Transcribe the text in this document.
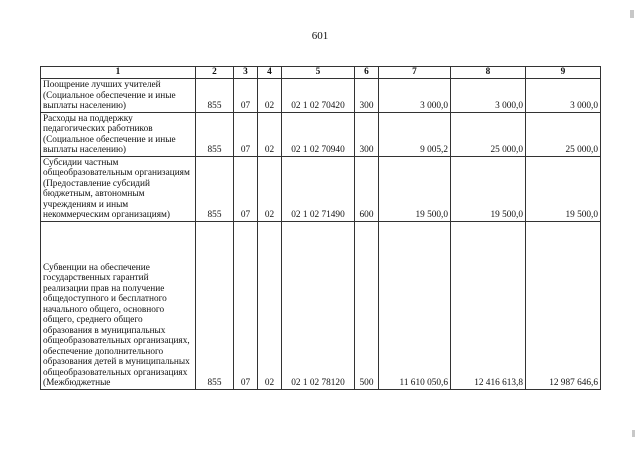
601
1	2	3	4	5	6	7	8	9
Поощрение лучших учителей (Социальное обеспечение и иные выплаты населению)	855	07	02	02 1 02 70420	300	3 000,0	3 000,0	3 000,0
Расходы на поддержку педагогических работников (Социальное обеспечение и иные выплаты населению)	855	07	02	02 1 02 70940	300	9 005,2	25 000,0	25 000,0
Субсидии частным общеобразовательным организациям (Предоставление субсидий бюджетным, автономным учреждениям и иным некоммерческим организациям)	855	07	02	02 1 02 71490	600	19 500,0	19 500,0	19 500,0

Субвенции на обеспечение государственных гарантий реализации прав на получение общедоступного и бесплатного начального общего, основного общего, среднего общего образования в муниципальных общеобразовательных организациях, обеспечение дополнительного образования детей в муниципальных общеобразовательных организациях (Межбюджетные	855	07	02	02 1 02 78120	500	11 610 050,6	12 416 613,8	12 987 646,6
